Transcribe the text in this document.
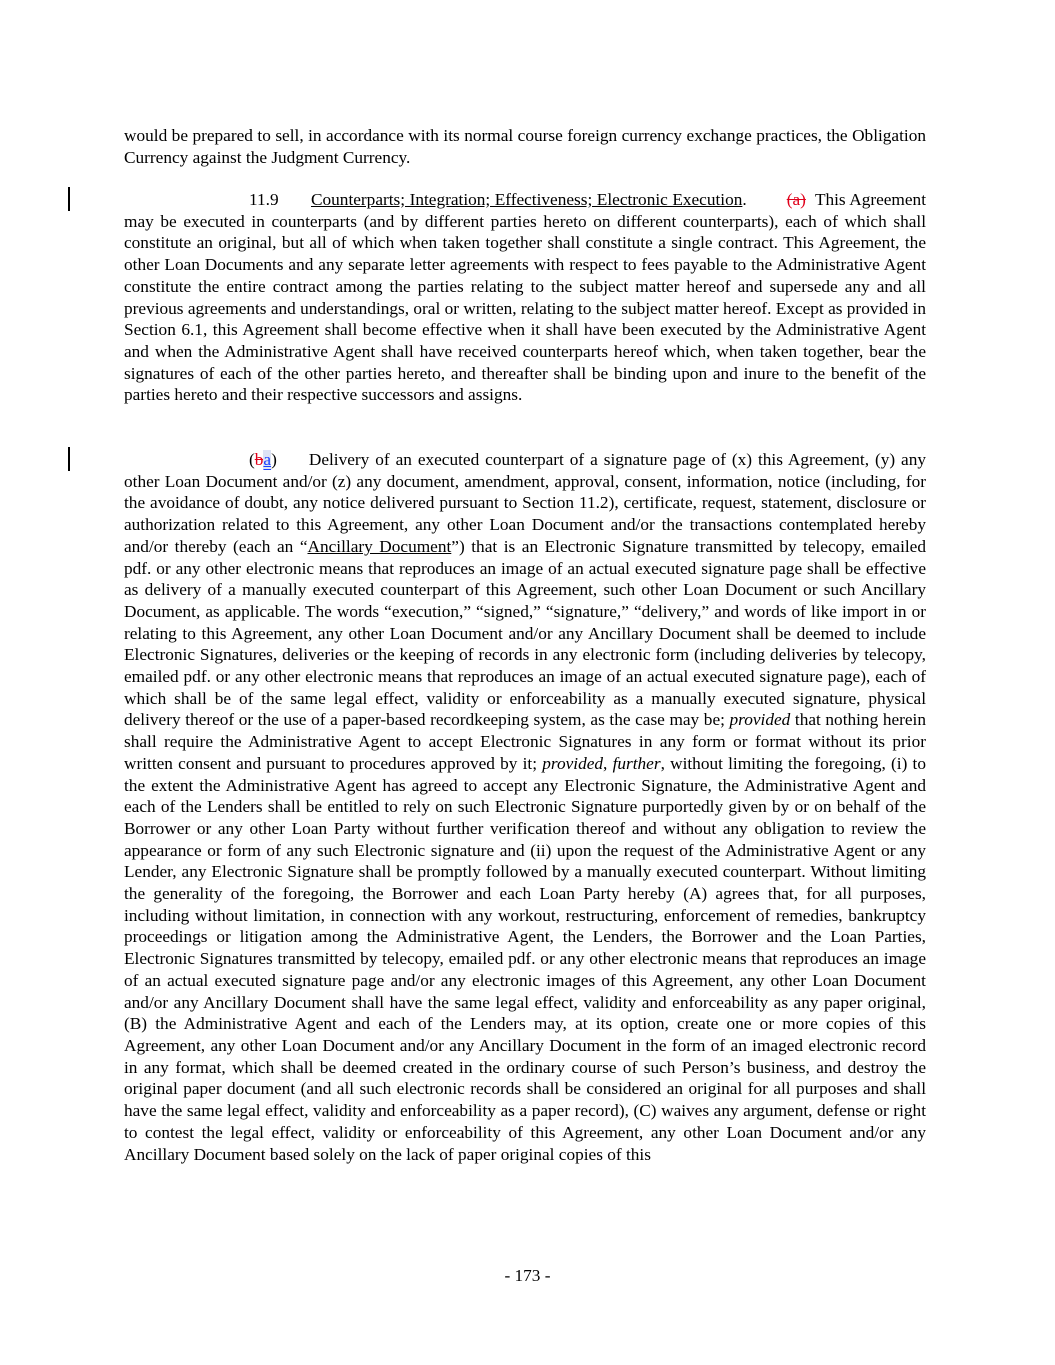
would be prepared to sell, in accordance with its normal course foreign currency exchange practices, the Obligation Currency against the Judgment Currency.

11.9 Counterparts; Integration; Effectiveness; Electronic Execution. (a) This Agreement may be executed in counterparts (and by different parties hereto on different counterparts), each of which shall constitute an original, but all of which when taken together shall constitute a single contract. This Agreement, the other Loan Documents and any separate letter agreements with respect to fees payable to the Administrative Agent constitute the entire contract among the parties relating to the subject matter hereof and supersede any and all previous agreements and understandings, oral or written, relating to the subject matter hereof. Except as provided in Section 6.1, this Agreement shall become effective when it shall have been executed by the Administrative Agent and when the Administrative Agent shall have received counterparts hereof which, when taken together, bear the signatures of each of the other parties hereto, and thereafter shall be binding upon and inure to the benefit of the parties hereto and their respective successors and assigns.

(ba) Delivery of an executed counterpart of a signature page of (x) this Agreement, (y) any other Loan Document and/or (z) any document, amendment, approval, consent, information, notice (including, for the avoidance of doubt, any notice delivered pursuant to Section 11.2), certificate, request, statement, disclosure or authorization related to this Agreement, any other Loan Document and/or the transactions contemplated hereby and/or thereby (each an “Ancillary Document”) that is an Electronic Signature transmitted by telecopy, emailed pdf. or any other electronic means that reproduces an image of an actual executed signature page shall be effective as delivery of a manually executed counterpart of this Agreement, such other Loan Document or such Ancillary Document, as applicable. The words “execution,” “signed,” “signature,” “delivery,” and words of like import in or relating to this Agreement, any other Loan Document and/or any Ancillary Document shall be deemed to include Electronic Signatures, deliveries or the keeping of records in any electronic form (including deliveries by telecopy, emailed pdf. or any other electronic means that reproduces an image of an actual executed signature page), each of which shall be of the same legal effect, validity or enforceability as a manually executed signature, physical delivery thereof or the use of a paper-based recordkeeping system, as the case may be; provided that nothing herein shall require the Administrative Agent to accept Electronic Signatures in any form or format without its prior written consent and pursuant to procedures approved by it; provided, further, without limiting the foregoing, (i) to the extent the Administrative Agent has agreed to accept any Electronic Signature, the Administrative Agent and each of the Lenders shall be entitled to rely on such Electronic Signature purportedly given by or on behalf of the Borrower or any other Loan Party without further verification thereof and without any obligation to review the appearance or form of any such Electronic signature and (ii) upon the request of the Administrative Agent or any Lender, any Electronic Signature shall be promptly followed by a manually executed counterpart. Without limiting the generality of the foregoing, the Borrower and each Loan Party hereby (A) agrees that, for all purposes, including without limitation, in connection with any workout, restructuring, enforcement of remedies, bankruptcy proceedings or litigation among the Administrative Agent, the Lenders, the Borrower and the Loan Parties, Electronic Signatures transmitted by telecopy, emailed pdf. or any other electronic means that reproduces an image of an actual executed signature page and/or any electronic images of this Agreement, any other Loan Document and/or any Ancillary Document shall have the same legal effect, validity and enforceability as any paper original, (B) the Administrative Agent and each of the Lenders may, at its option, create one or more copies of this Agreement, any other Loan Document and/or any Ancillary Document in the form of an imaged electronic record in any format, which shall be deemed created in the ordinary course of such Person’s business, and destroy the original paper document (and all such electronic records shall be considered an original for all purposes and shall have the same legal effect, validity and enforceability as a paper record), (C) waives any argument, defense or right to contest the legal effect, validity or enforceability of this Agreement, any other Loan Document and/or any Ancillary Document based solely on the lack of paper original copies of this

- 173 -
